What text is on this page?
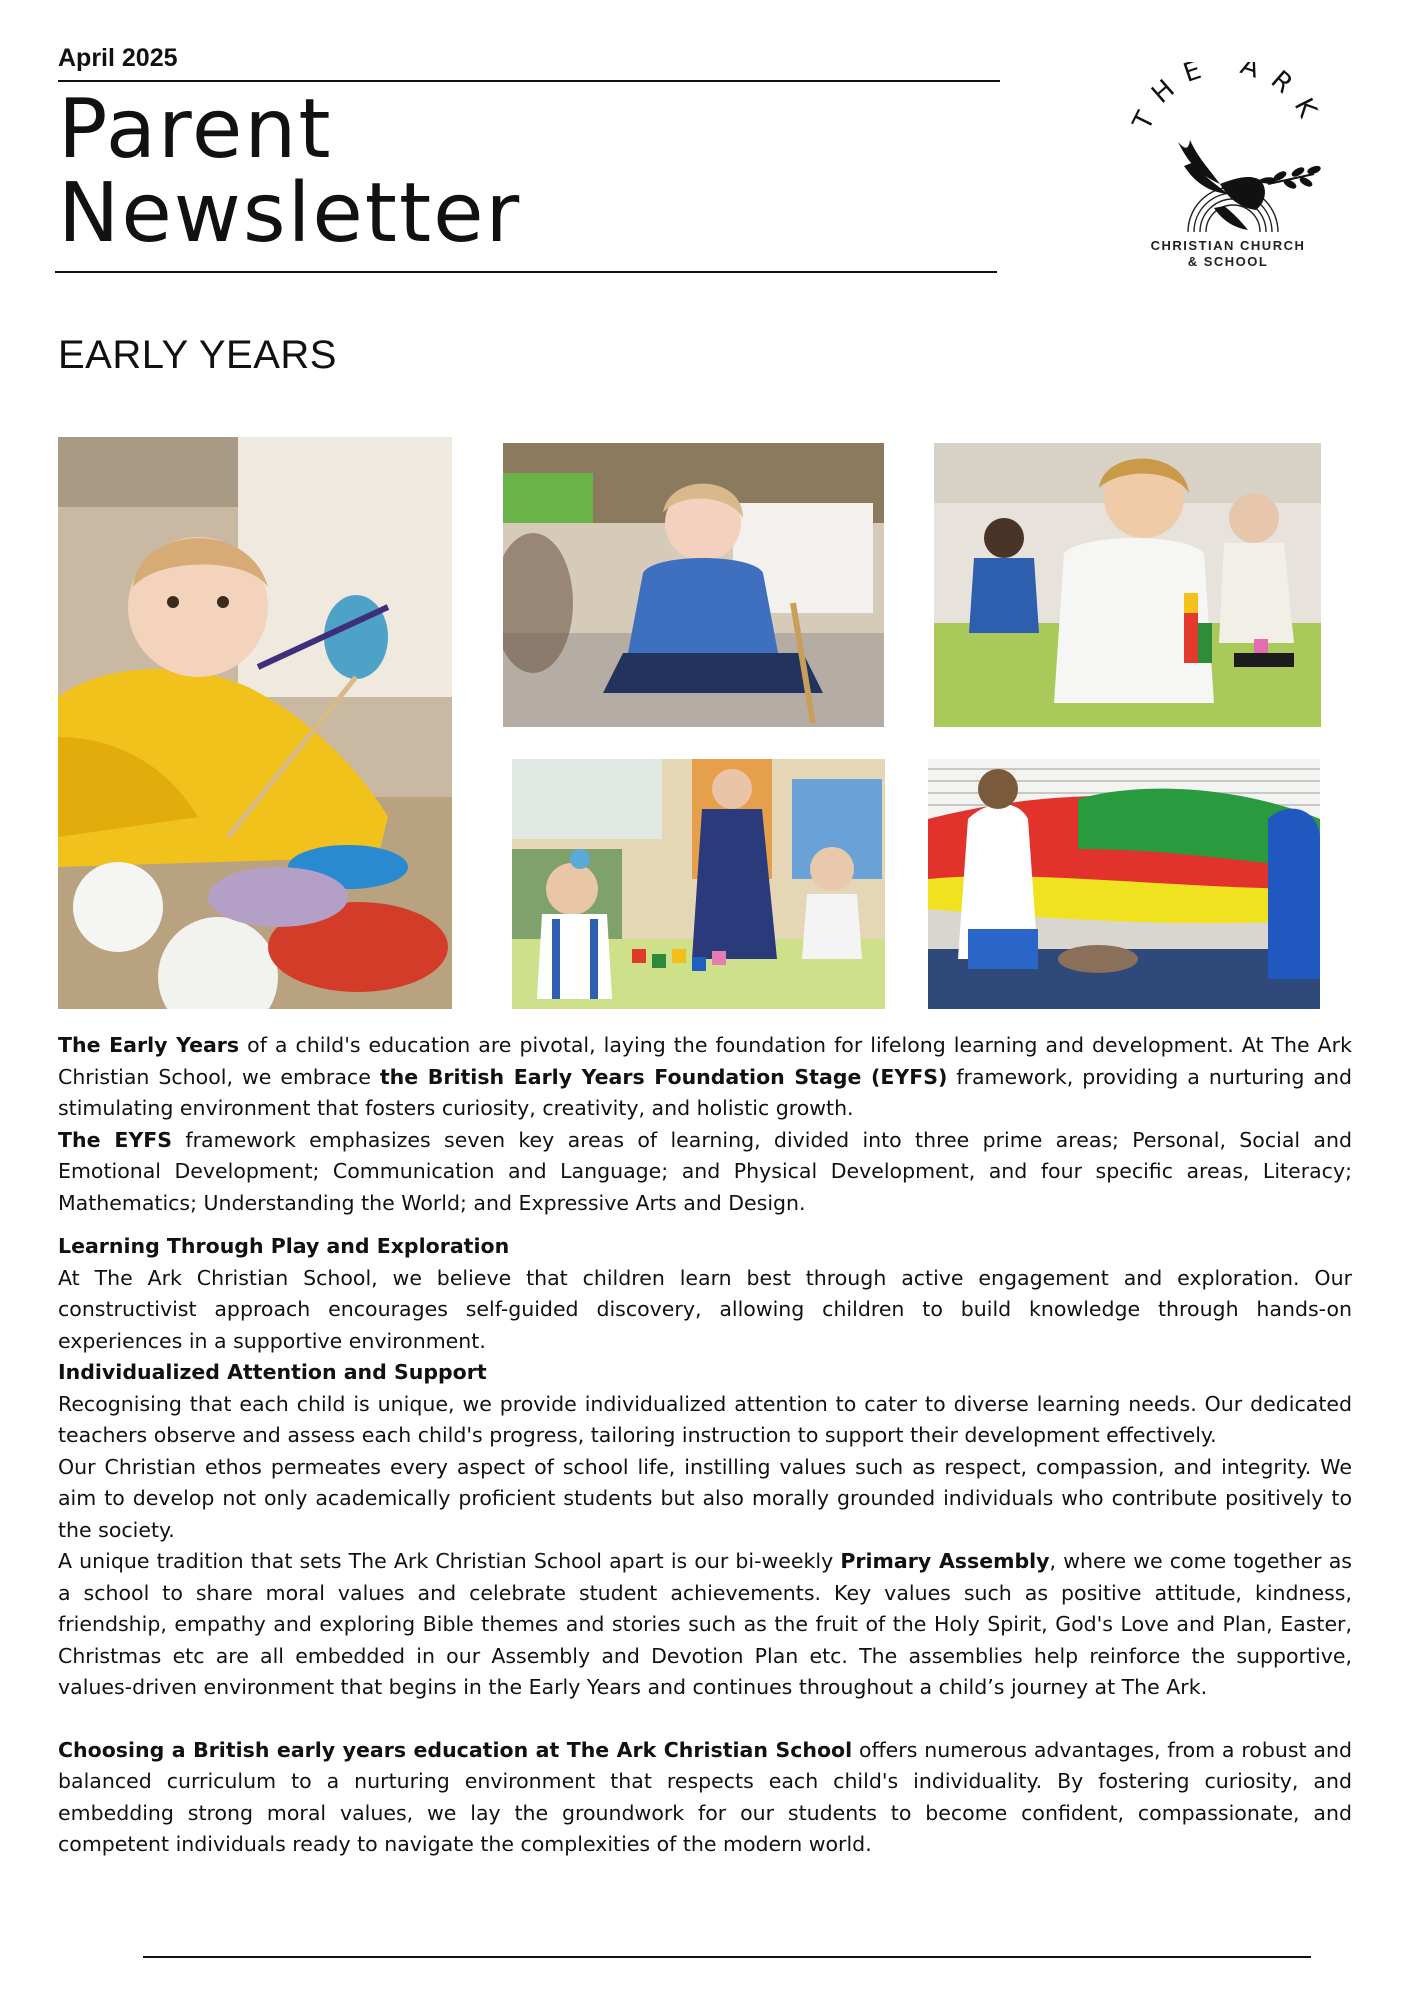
April 2025
Parent
Newsletter
THE ARK
CHRISTIAN CHURCH
& SCHOOL
EARLY YEARS

The Early Years of a child's education are pivotal, laying the foundation for lifelong learning and development. At The Ark Christian School, we embrace the British Early Years Foundation Stage (EYFS) framework, providing a nurturing and stimulating environment that fosters curiosity, creativity, and holistic growth.

The EYFS framework emphasizes seven key areas of learning, divided into three prime areas; Personal, Social and Emotional Development; Communication and Language; and Physical Development, and four specific areas, Literacy; Mathematics; Understanding the World; and Expressive Arts and Design.

Learning Through Play and Exploration

At The Ark Christian School, we believe that children learn best through active engagement and exploration. Our constructivist approach encourages self-guided discovery, allowing children to build knowledge through hands-on experiences in a supportive environment.

Individualized Attention and Support

Recognising that each child is unique, we provide individualized attention to cater to diverse learning needs. Our dedicated teachers observe and assess each child's progress, tailoring instruction to support their development effectively.

Our Christian ethos permeates every aspect of school life, instilling values such as respect, compassion, and integrity. We aim to develop not only academically proficient students but also morally grounded individuals who contribute positively to the society.

A unique tradition that sets The Ark Christian School apart is our bi-weekly Primary Assembly, where we come together as a school to share moral values and celebrate student achievements. Key values such as positive attitude, kindness, friendship, empathy and exploring Bible themes and stories such as the fruit of the Holy Spirit, God's Love and Plan, Easter, Christmas etc are all embedded in our Assembly and Devotion Plan etc. The assemblies help reinforce the supportive, values-driven environment that begins in the Early Years and continues throughout a child’s journey at The Ark.

Choosing a British early years education at The Ark Christian School offers numerous advantages, from a robust and balanced curriculum to a nurturing environment that respects each child's individuality. By fostering curiosity, and embedding strong moral values, we lay the groundwork for our students to become confident, compassionate, and competent individuals ready to navigate the complexities of the modern world.
